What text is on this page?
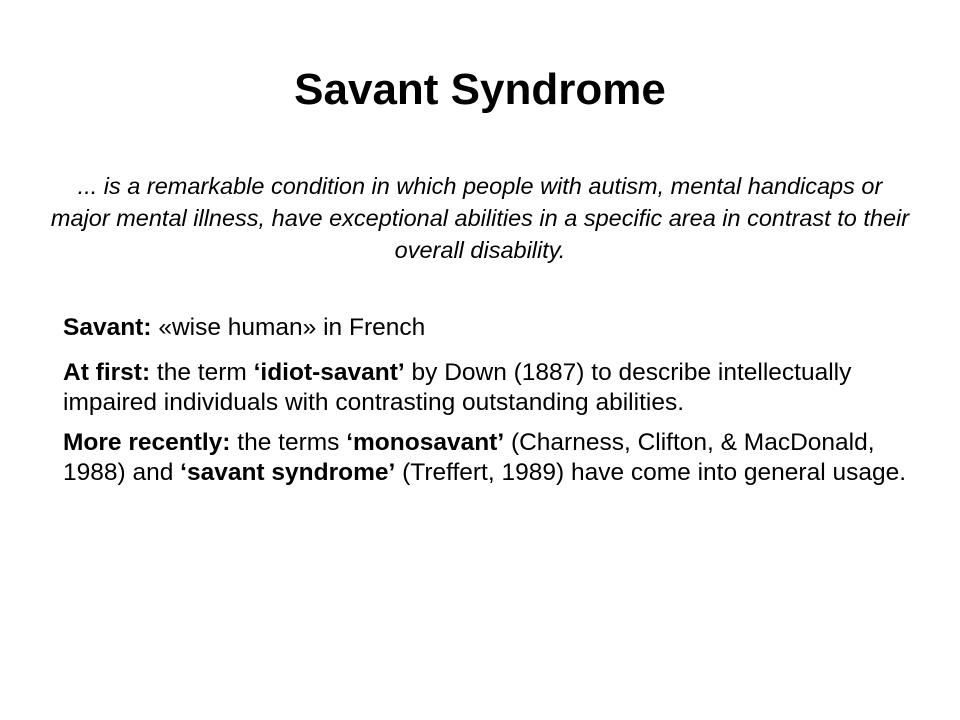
Savant Syndrome
... is a remarkable condition in which people with autism, mental handicaps or major mental illness, have exceptional abilities in a specific area in contrast to their overall disability.

Savant: «wise human» in French

At first: the term ‘idiot-savant’ by Down (1887) to describe intellectually impaired individuals with contrasting outstanding abilities.

More recently: the terms ‘monosavant’ (Charness, Clifton, & MacDonald, 1988) and ‘savant syndrome’ (Treffert, 1989) have come into general usage.
